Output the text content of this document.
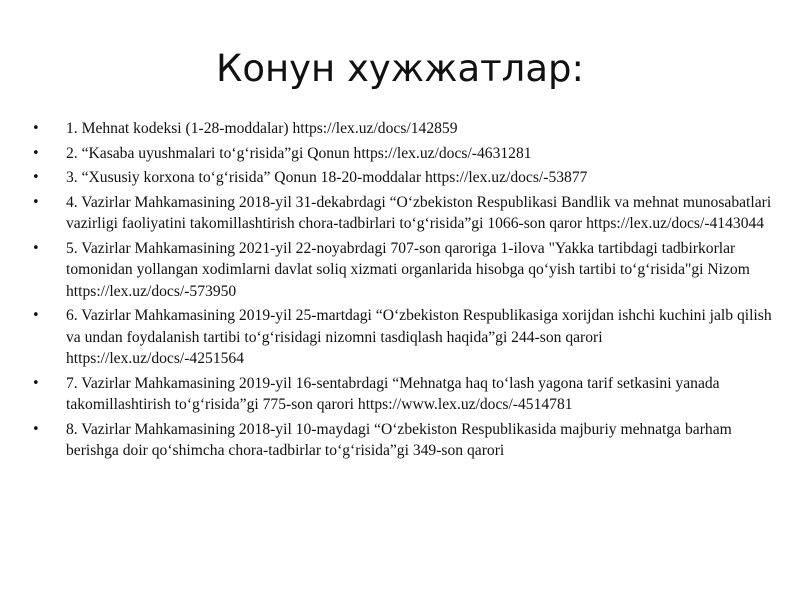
Конун хужжатлар:
• 1. Mehnat kodeksi (1-28-moddalar) https://lex.uz/docs/142859
• 2. “Kasaba uyushmalari to‘g‘risida”gi Qonun https://lex.uz/docs/-4631281
• 3. “Xususiy korxona to‘g‘risida” Qonun 18-20-moddalar https://lex.uz/docs/-53877
• 4. Vazirlar Mahkamasining 2018-yil 31-dekabrdagi “O‘zbekiston Respublikasi Bandlik va mehnat munosabatlari vazirligi faoliyatini takomillashtirish chora-tadbirlari to‘g‘risida”gi 1066-son qaror https://lex.uz/docs/-4143044
• 5. Vazirlar Mahkamasining 2021-yil 22-noyabrdagi 707-son qaroriga 1-ilova "Yakka tartibdagi tadbirkorlar tomonidan yollangan xodimlarni davlat soliq xizmati organlarida hisobga qo‘yish tartibi to‘g‘risida"gi Nizom https://lex.uz/docs/-573950
• 6. Vazirlar Mahkamasining 2019-yil 25-martdagi “O‘zbekiston Respublikasiga xorijdan ishchi kuchini jalb qilish va undan foydalanish tartibi to‘g‘risidagi nizomni tasdiqlash haqida”gi 244-son qarori https://lex.uz/docs/-4251564
• 7. Vazirlar Mahkamasining 2019-yil 16-sentabrdagi “Mehnatga haq to‘lash yagona tarif setkasini yanada takomillashtirish to‘g‘risida”gi 775-son qarori https://www.lex.uz/docs/-4514781
• 8. Vazirlar Mahkamasining 2018-yil 10-maydagi “O‘zbekiston Respublikasida majburiy mehnatga barham berishga doir qo‘shimcha chora-tadbirlar to‘g‘risida”gi 349-son qarori
